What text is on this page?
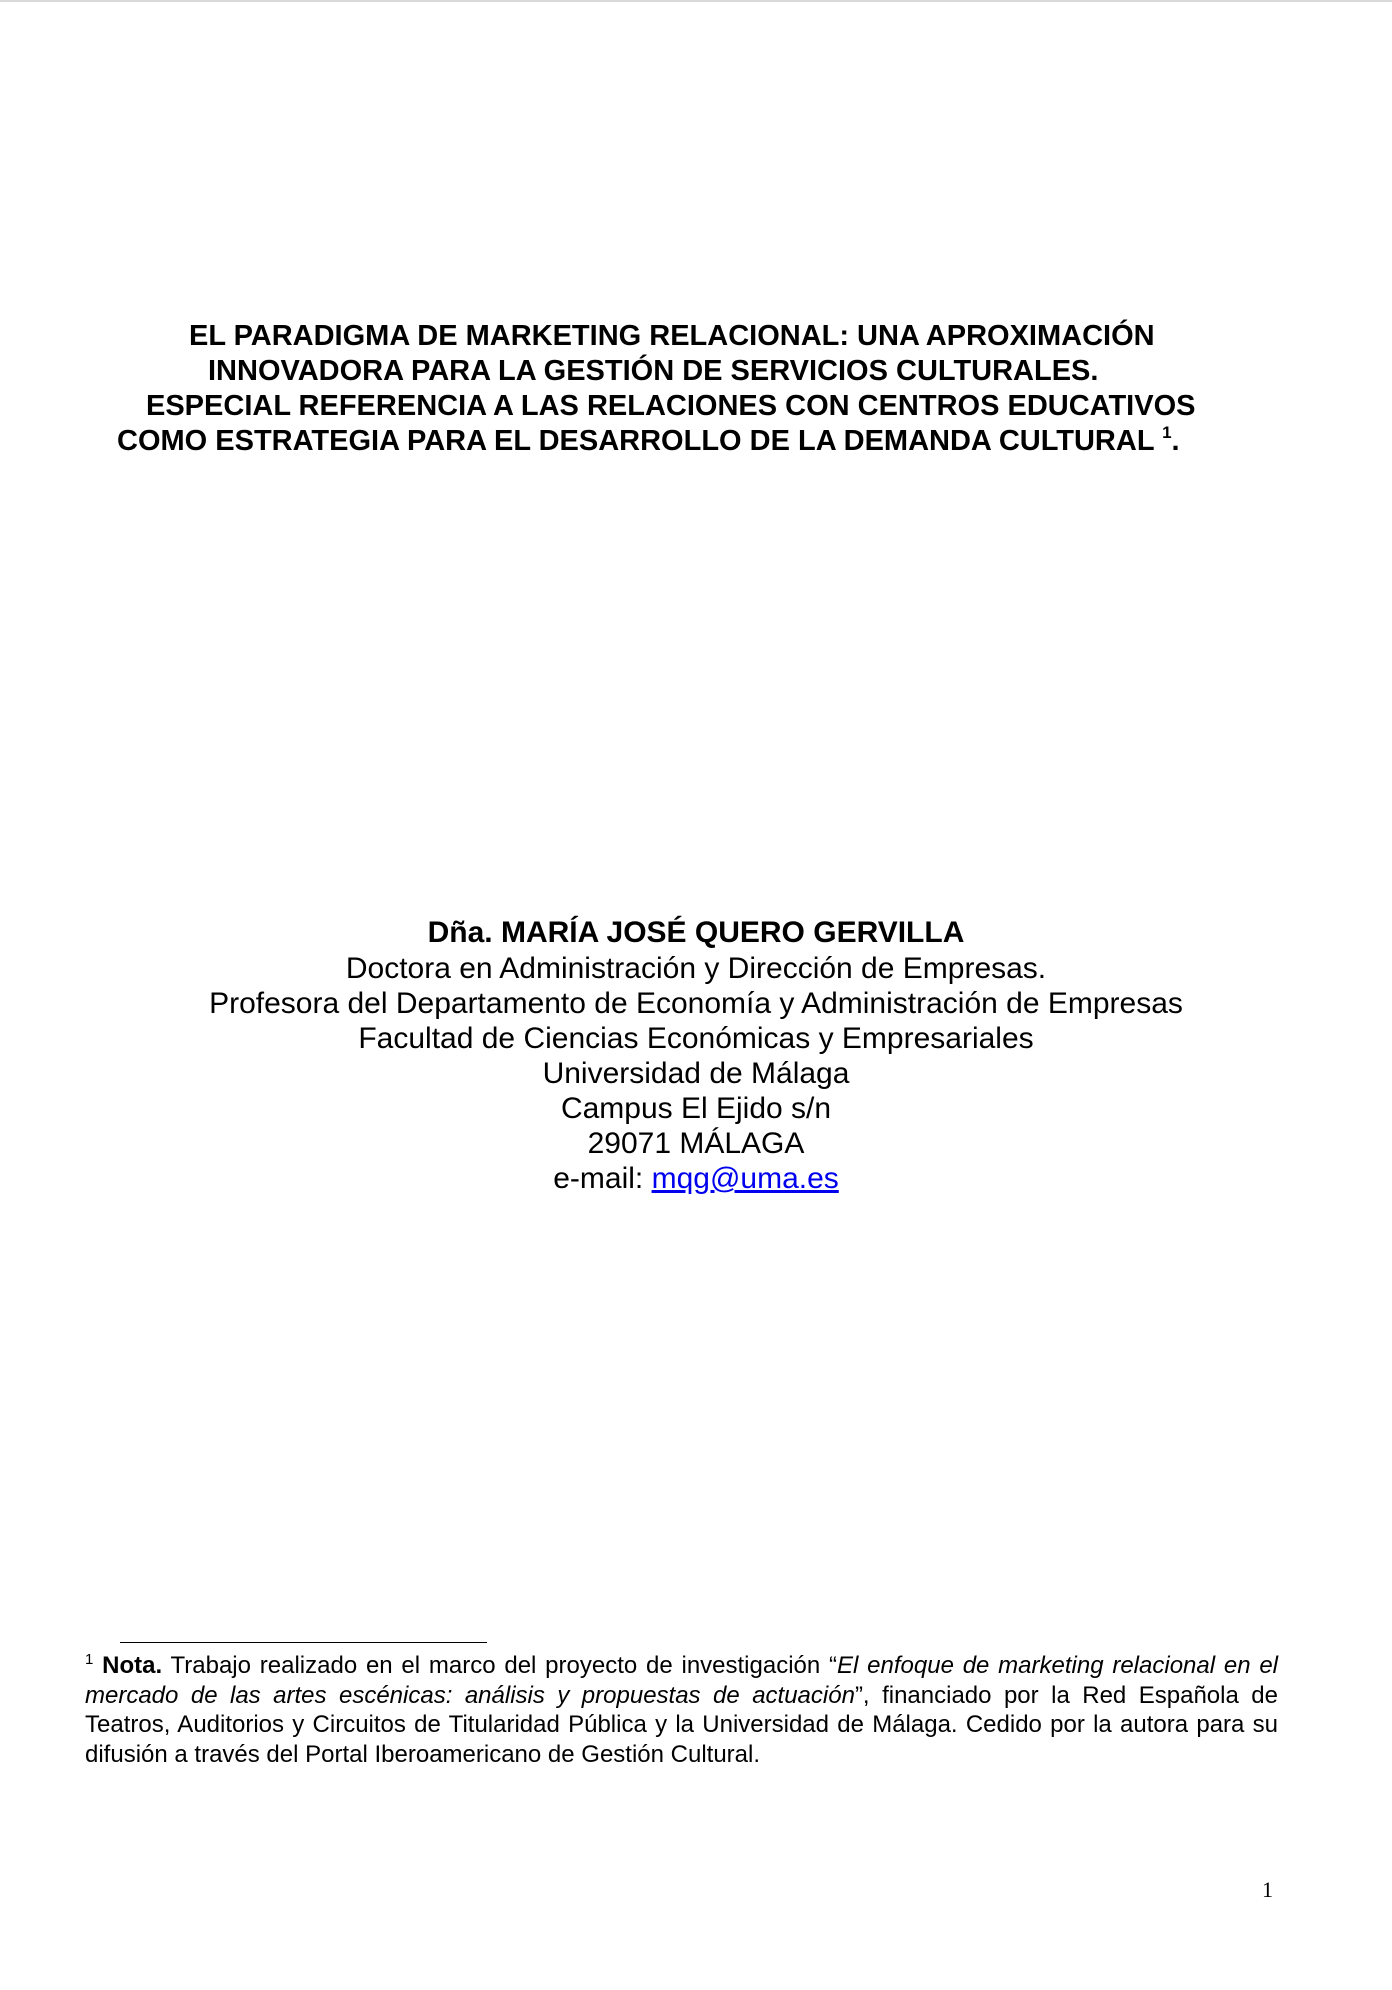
EL PARADIGMA DE MARKETING RELACIONAL: UNA APROXIMACIÓN
INNOVADORA PARA LA GESTIÓN DE SERVICIOS CULTURALES.
ESPECIAL REFERENCIA A LAS RELACIONES CON CENTROS EDUCATIVOS
COMO ESTRATEGIA PARA EL DESARROLLO DE LA DEMANDA CULTURAL $^1$.
Dña. MARÍA JOSÉ QUERO GERVILLA
Doctora en Administración y Dirección de Empresas.
Profesora del Departamento de Economía y Administración de Empresas
Facultad de Ciencias Económicas y Empresariales
Universidad de Málaga
Campus El Ejido s/n
29071 MÁLAGA
e-mail: mqg@uma.es
$^1$ Nota. Trabajo realizado en el marco del proyecto de investigación “El enfoque de marketing relacional en el mercado de las artes escénicas: análisis y propuestas de actuación”, financiado por la Red Española de Teatros, Auditorios y Circuitos de Titularidad Pública y la Universidad de Málaga. Cedido por la autora para su difusión a través del Portal Iberoamericano de Gestión Cultural.
1
